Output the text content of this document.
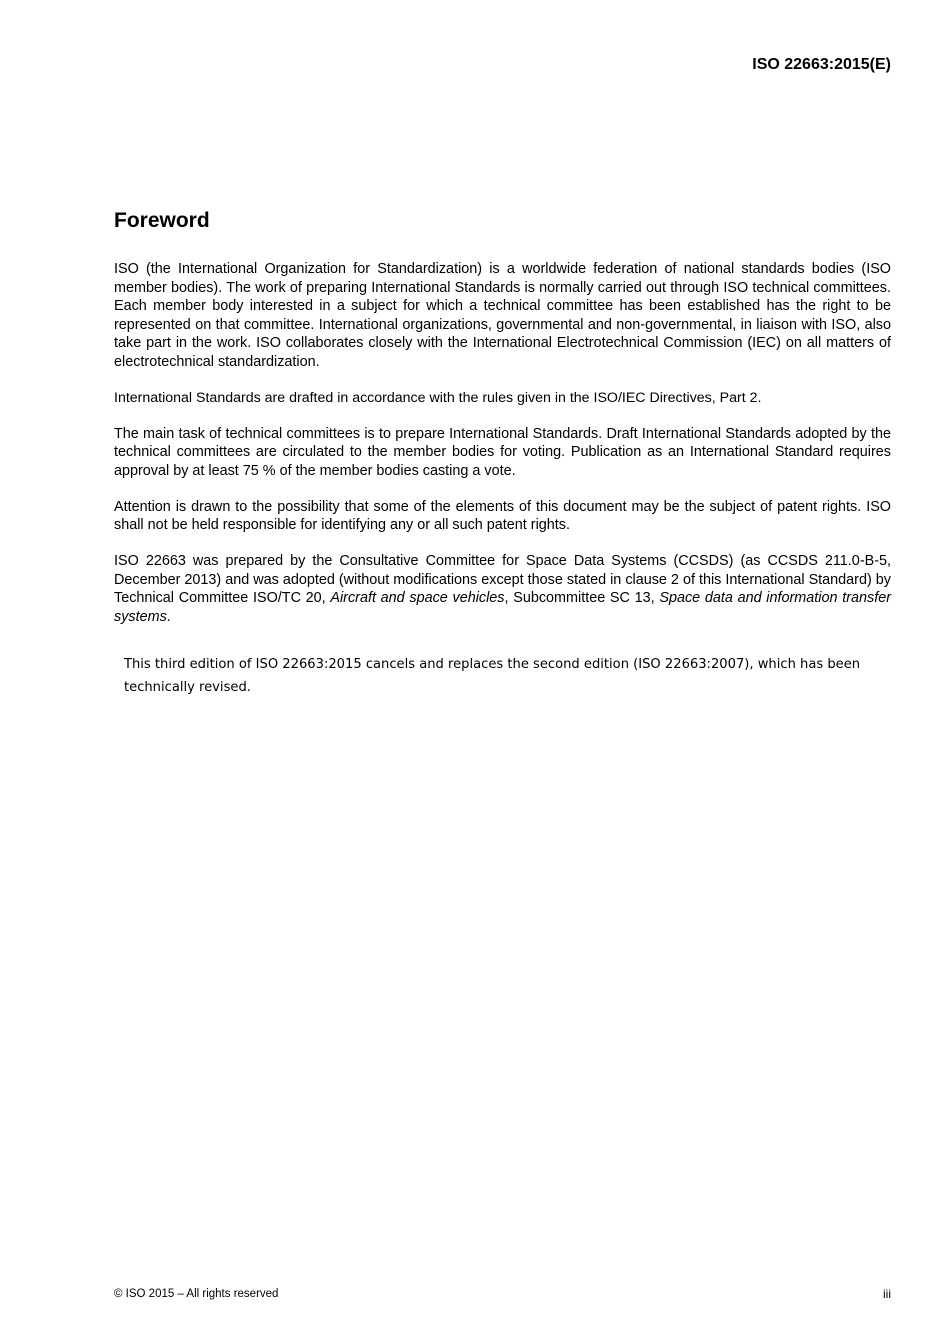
ISO 22663:2015(E)
Foreword

ISO (the International Organization for Standardization) is a worldwide federation of national standards bodies (ISO member bodies). The work of preparing International Standards is normally carried out through ISO technical committees. Each member body interested in a subject for which a technical committee has been established has the right to be represented on that committee. International organizations, governmental and non-governmental, in liaison with ISO, also take part in the work. ISO collaborates closely with the International Electrotechnical Commission (IEC) on all matters of electrotechnical standardization.

International Standards are drafted in accordance with the rules given in the ISO/IEC Directives, Part 2.

The main task of technical committees is to prepare International Standards. Draft International Standards adopted by the technical committees are circulated to the member bodies for voting. Publication as an International Standard requires approval by at least 75 % of the member bodies casting a vote.

Attention is drawn to the possibility that some of the elements of this document may be the subject of patent rights. ISO shall not be held responsible for identifying any or all such patent rights.

ISO 22663 was prepared by the Consultative Committee for Space Data Systems (CCSDS) (as CCSDS 211.0-B-5, December 2013) and was adopted (without modifications except those stated in clause 2 of this International Standard) by Technical Committee ISO/TC 20, Aircraft and space vehicles, Subcommittee SC 13, Space data and information transfer systems.

This third edition of ISO 22663:2015 cancels and replaces the second edition (ISO 22663:2007), which has been technically revised.
© ISO 2015 – All rights reserved	iii
